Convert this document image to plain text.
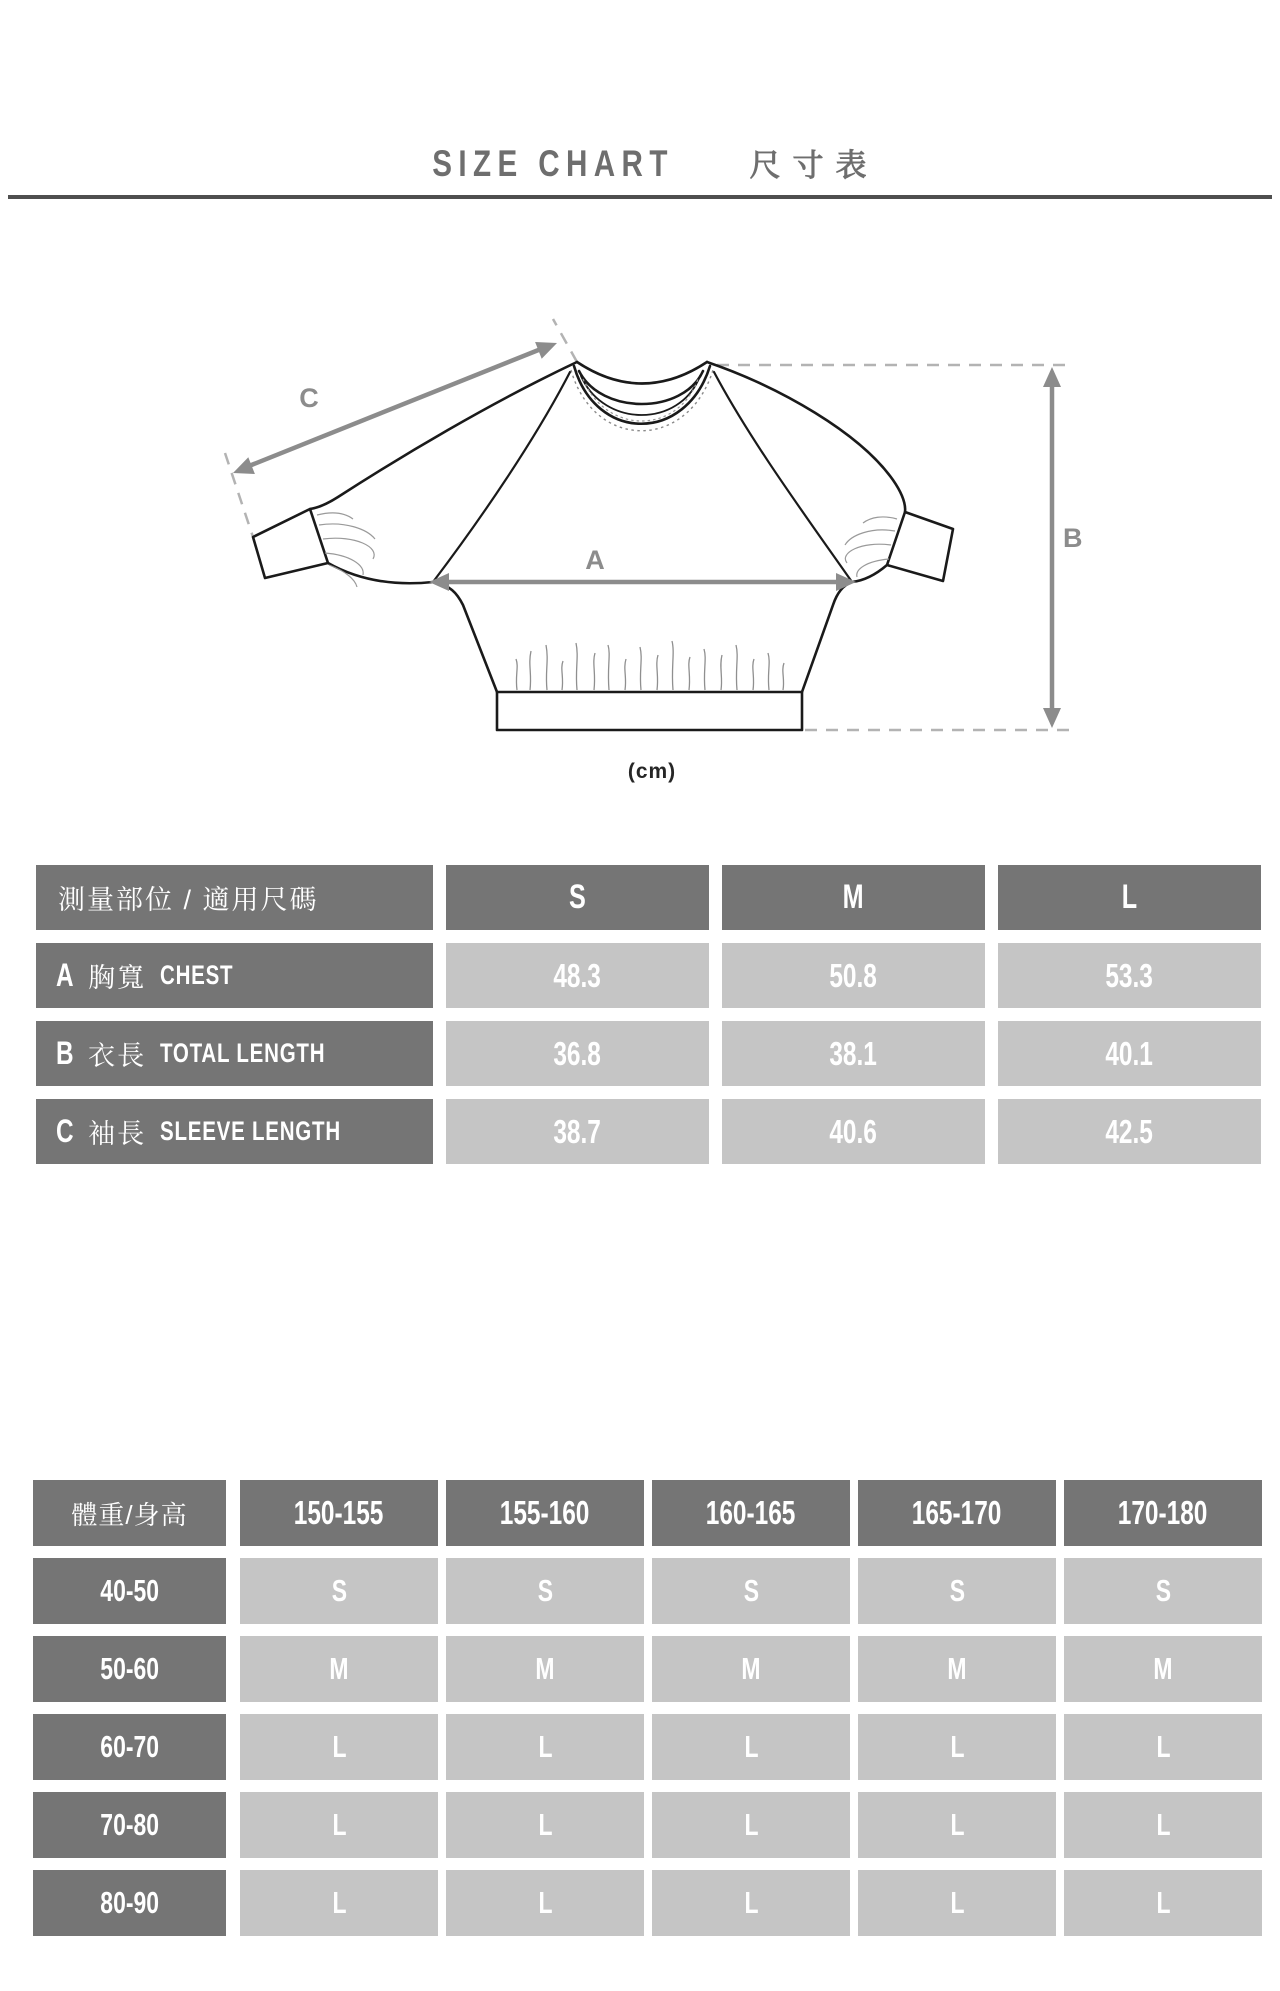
SIZE CHART 尺寸表
A
B
C
(cm)
測量部位 / 適用尺碼	S	M	L
A 胸寬 CHEST	48.3	50.8	53.3
B 衣長 TOTAL LENGTH	36.8	38.1	40.1
C 袖長 SLEEVE LENGTH	38.7	40.6	42.5
體重/身高	150-155	155-160	160-165	165-170	170-180
40-50	S	S	S	S	S
50-60	M	M	M	M	M
60-70	L	L	L	L	L
70-80	L	L	L	L	L
80-90	L	L	L	L	L
